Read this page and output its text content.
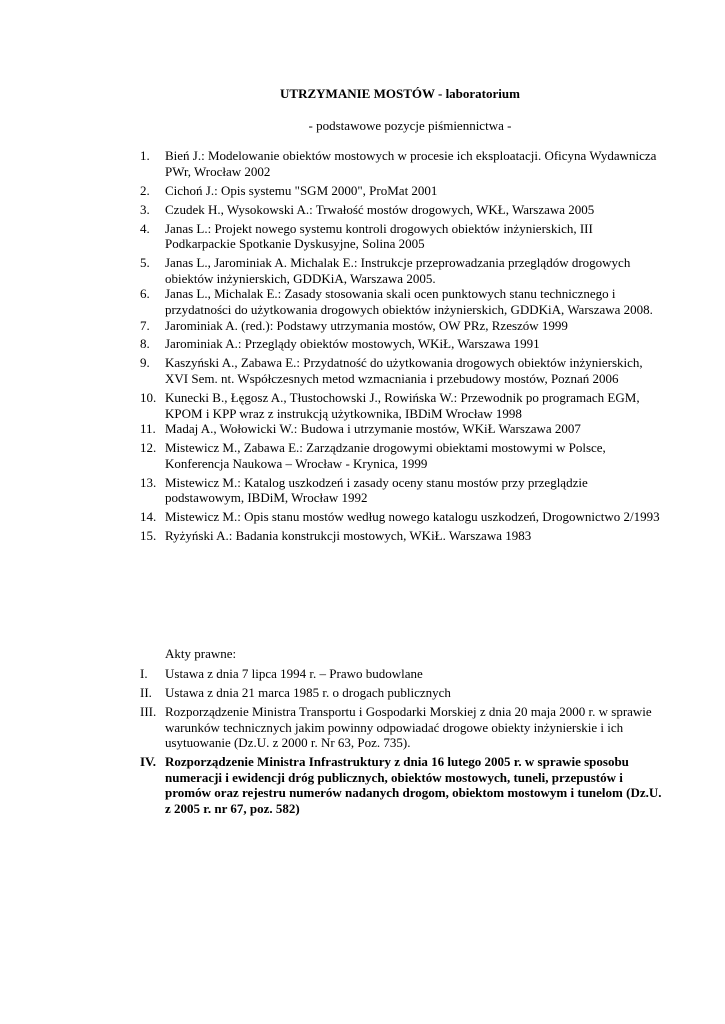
UTRZYMANIE MOSTÓW - laboratorium
- podstawowe pozycje piśmiennictwa -
1. Bień J.: Modelowanie obiektów mostowych w procesie ich eksploatacji. Oficyna Wydawnicza PWr, Wrocław 2002
2. Cichoń J.: Opis systemu "SGM 2000", ProMat 2001
3. Czudek H., Wysokowski A.: Trwałość mostów drogowych, WKŁ, Warszawa 2005
4. Janas L.: Projekt nowego systemu kontroli drogowych obiektów inżynierskich, III Podkarpackie Spotkanie Dyskusyjne, Solina 2005
5. Janas L., Jarominiak A. Michalak E.: Instrukcje przeprowadzania przeglądów drogowych obiektów inżynierskich, GDDKiA, Warszawa 2005.
6. Janas L., Michalak E.: Zasady stosowania skali ocen punktowych stanu technicznego i przydatności do użytkowania drogowych obiektów inżynierskich, GDDKiA, Warszawa 2008.
7. Jarominiak A. (red.): Podstawy utrzymania mostów, OW PRz, Rzeszów 1999
8. Jarominiak A.: Przeglądy obiektów mostowych, WKiŁ, Warszawa 1991
9. Kaszyński A., Zabawa E.: Przydatność do użytkowania drogowych obiektów inżynierskich, XVI Sem. nt. Współczesnych metod wzmacniania i przebudowy mostów, Poznań 2006
10. Kunecki B., Łęgosz A., Tłustochowski J., Rowińska W.: Przewodnik po programach EGM, KPOM i KPP wraz z instrukcją użytkownika, IBDiM Wrocław 1998
11. Madaj A., Wołowicki W.: Budowa i utrzymanie mostów, WKiŁ Warszawa 2007
12. Mistewicz M., Zabawa E.: Zarządzanie drogowymi obiektami mostowymi w Polsce, Konferencja Naukowa – Wrocław - Krynica, 1999
13. Mistewicz M.: Katalog uszkodzeń i zasady oceny stanu mostów przy przeglądzie podstawowym, IBDiM, Wrocław 1992
14. Mistewicz M.: Opis stanu mostów według nowego katalogu uszkodzeń, Drogownictwo 2/1993
15. Ryżyński A.: Badania konstrukcji mostowych, WKiŁ. Warszawa 1983
Akty prawne:
I. Ustawa z dnia 7 lipca 1994 r. – Prawo budowlane
II. Ustawa z dnia 21 marca 1985 r. o drogach publicznych
III. Rozporządzenie Ministra Transportu i Gospodarki Morskiej z dnia 20 maja 2000 r. w sprawie warunków technicznych jakim powinny odpowiadać drogowe obiekty inżynierskie i ich usytuowanie (Dz.U. z 2000 r. Nr 63, Poz. 735).
IV. Rozporządzenie Ministra Infrastruktury z dnia 16 lutego 2005 r. w sprawie sposobu numeracji i ewidencji dróg publicznych, obiektów mostowych, tuneli, przepustów i promów oraz rejestru numerów nadanych drogom, obiektom mostowym i tunelom (Dz.U. z 2005 r. nr 67, poz. 582)
